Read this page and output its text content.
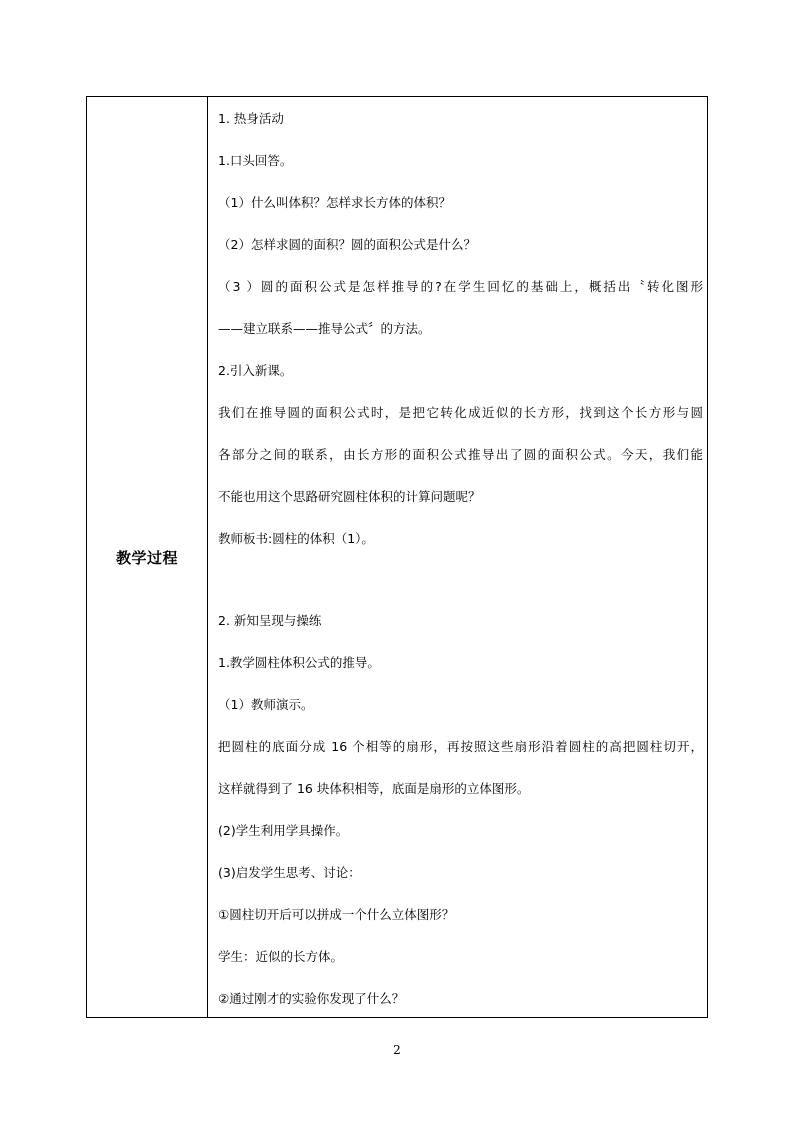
教学过程
1. 热身活动
1.口头回答。
（1）什么叫体积？怎样求长方体的体积？
（2）怎样求圆的面积？圆的面积公式是什么？
（3 ）圆的面积公式是怎样推导的?在学生回忆的基础上，概括出〝转化图形
——建立联系——推导公式〞的方法。
2.引入新课。
我们在推导圆的面积公式时，是把它转化成近似的长方形，找到这个长方形与圆
各部分之间的联系，由长方形的面积公式推导出了圆的面积公式。今天，我们能
不能也用这个思路研究圆柱体积的计算问题呢？
教师板书:圆柱的体积（1）。
2. 新知呈现与操练
1.教学圆柱体积公式的推导。
（1）教师演示。
把圆柱的底面分成 16 个相等的扇形，再按照这些扇形沿着圆柱的高把圆柱切开，
这样就得到了 16 块体积相等，底面是扇形的立体图形。
(2)学生利用学具操作。
(3)启发学生思考、讨论：
①圆柱切开后可以拼成一个什么立体图形？
学生：近似的长方体。
②通过刚才的实验你发现了什么？
2
